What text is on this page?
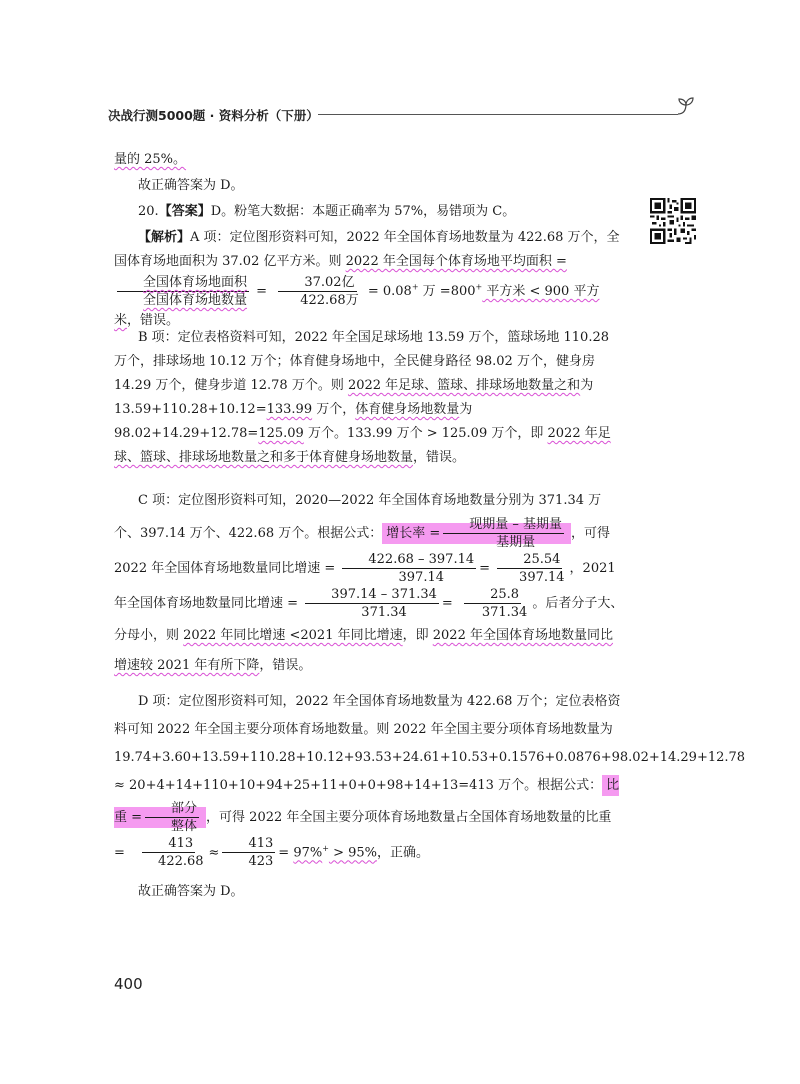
决战行测5000题 · 资料分析（下册）

量的 25%。

故正确答案为 D。

20.【答案】D。粉笔大数据：本题正确率为 57%，易错项为 C。

【解析】A 项：定位图形资料可知，2022 年全国体育场地数量为 422.68 万个，全国体育场地面积为 37.02 亿平方米。则 2022 年全国每个体育场地平均面积 =

$\frac{\text{全国体育场地面积}}{\text{全国体育场地数量}} = \frac{\text{37.02亿}}{\text{422.68万}} = 0.08^+$ 万 =800+ 平方米 < 900 平方米，错误。

B 项：定位表格资料可知，2022 年全国足球场地 13.59 万个，篮球场地 110.28 万个，排球场地 10.12 万个；体育健身场地中，全民健身路径 98.02 万个，健身房 14.29 万个，健身步道 12.78 万个。则 2022 年足球、篮球、排球场地数量之和为 13.59+110.28+10.12=133.99 万个，体育健身场地数量为 98.02+14.29+12.78=125.09 万个。133.99 万个 > 125.09 万个，即 2022 年足球、篮球、排球场地数量之和多于体育健身场地数量，错误。

C 项：定位图形资料可知，2020—2022 年全国体育场地数量分别为 371.34 万个、397.14 万个、422.68 万个。根据公式： 增长率 = $\frac{\text{现期量 – 基期量}}{\text{基期量}}$ ，可得 2022 年全国体育场地数量同比增速 = $\frac{422.68 - 397.14}{397.14} = \frac{25.54}{397.14}$ ，2021 年全国体育场地数量同比增速 = $\frac{397.14 - 371.34}{371.34} = \frac{25.8}{371.34}$ 。后者分子大、分母小，则 2022 年同比增速 <2021 年同比增速，即 2022 年全国体育场地数量同比增速较 2021 年有所下降，错误。

D 项：定位图形资料可知，2022 年全国体育场地数量为 422.68 万个；定位表格资料可知 2022 年全国主要分项体育场地数量。则 2022 年全国主要分项体育场地数量为 19.74+3.60+13.59+110.28+10.12+93.53+24.61+10.53+0.1576+0.0876+98.02+14.29+12.78 ≈ 20+4+14+110+10+94+25+11+0+0+98+14+13=413 万个。根据公式： 比重 = $\frac{\text{部分}}{\text{整体}}$ ，可得 2022 年全国主要分项体育场地数量占全国体育场地数量的比重 = $\frac{413}{422.68} \approx \frac{413}{423} = 97\%^+ > 95\%$，正确。

故正确答案为 D。

400
